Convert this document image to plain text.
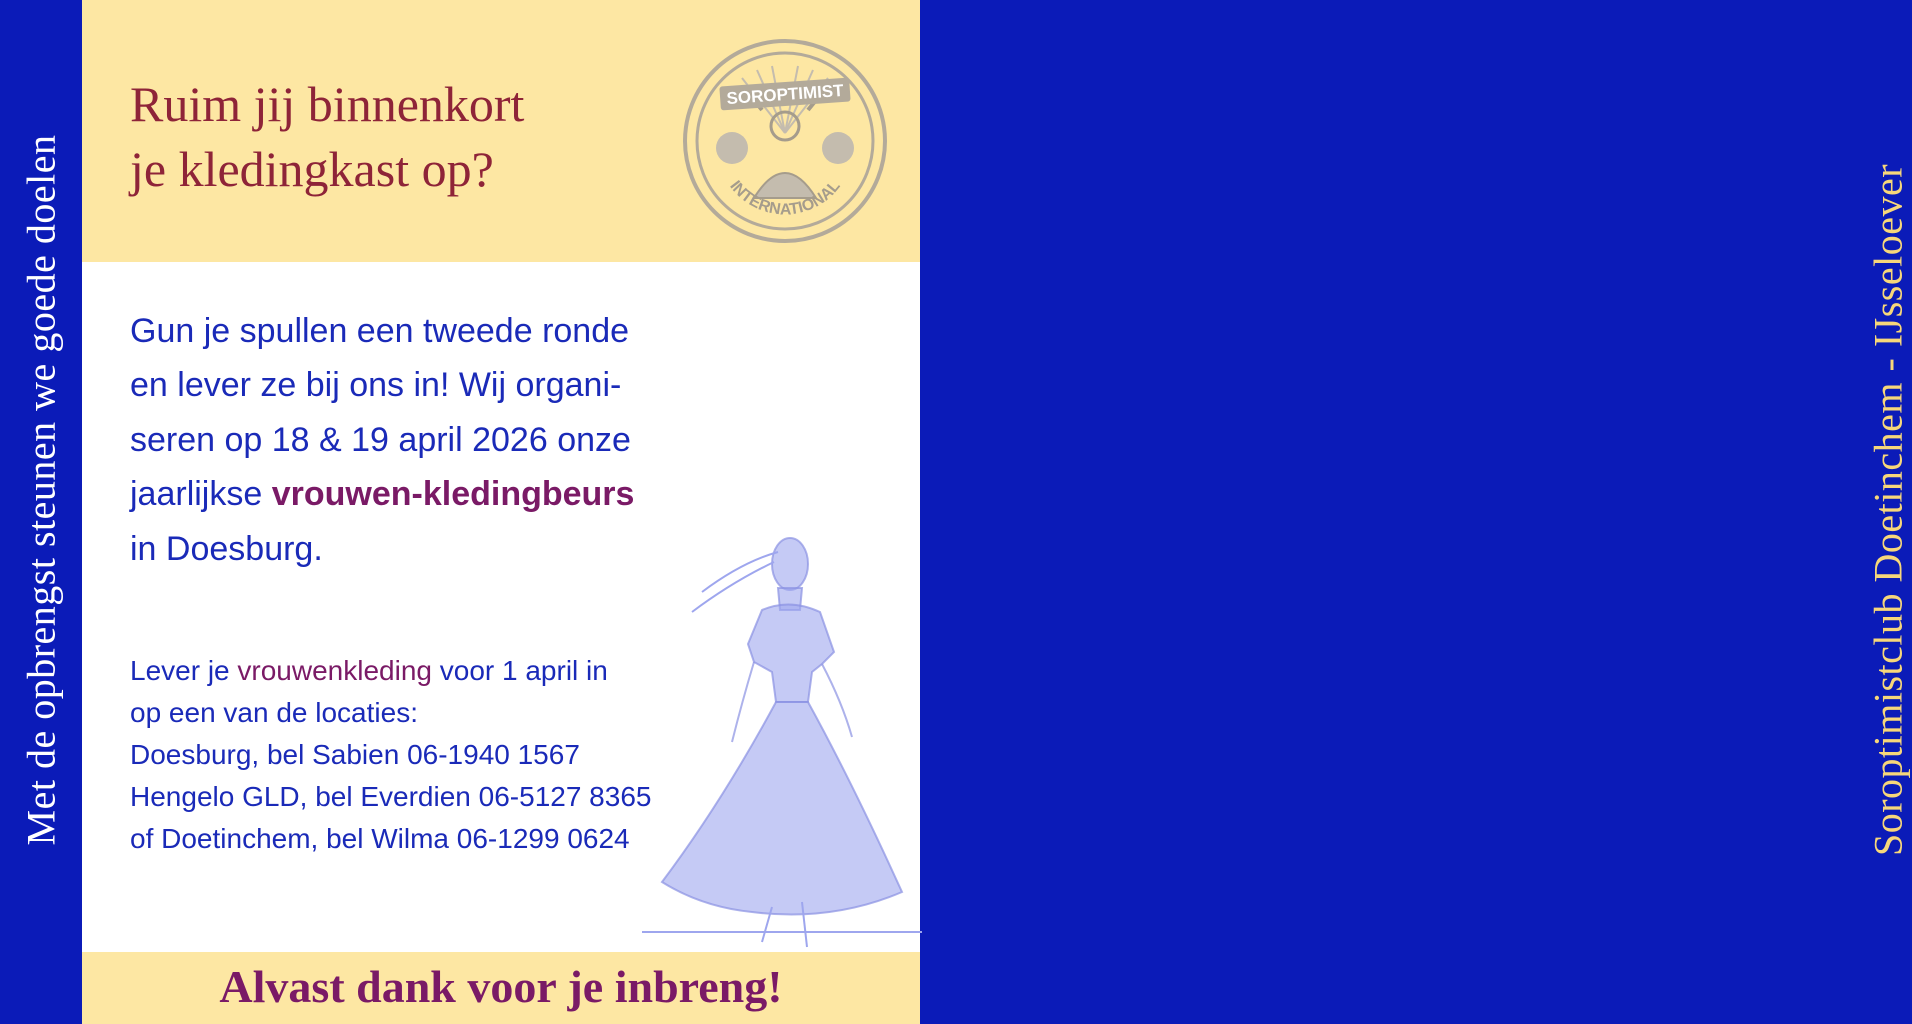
Met de opbrengst steunen we goede doelen	Soroptimistclub Doetinchem - IJsseloever
Ruim jij binnenkort
je kledingkast op?
SOROPTIMIST
INTERNATIONAL

Gun je spullen een tweede ronde
en lever ze bij ons in! Wij organi-
seren op 18 & 19 april 2026 onze
jaarlijkse vrouwen-kledingbeurs
in Doesburg.

Lever je vrouwenkleding voor 1 april in
op een van de locaties:
Doesburg, bel Sabien 06-1940 1567
Hengelo GLD, bel Everdien 06-5127 8365
of Doetinchem, bel Wilma 06-1299 0624

Alvast dank voor je inbreng!
